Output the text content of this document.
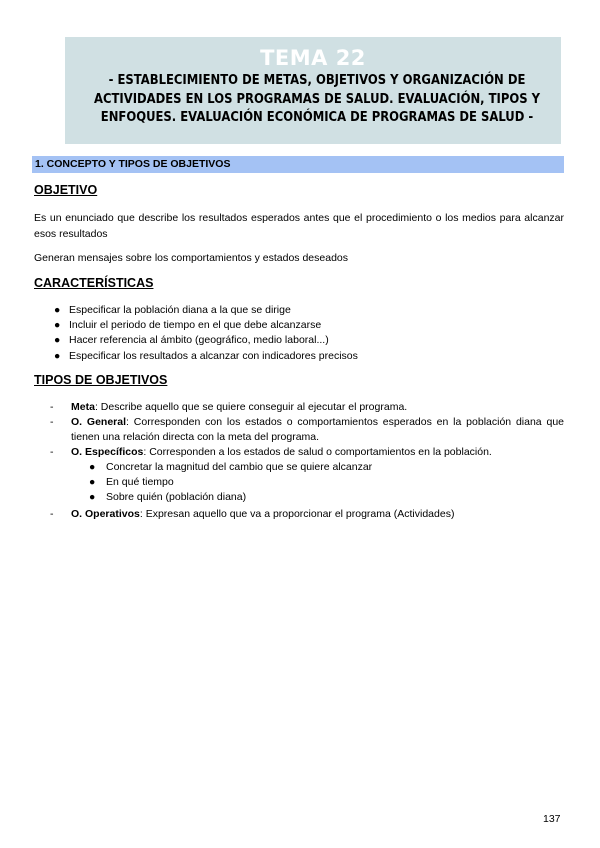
TEMA 22
- ESTABLECIMIENTO DE METAS, OBJETIVOS Y ORGANIZACIÓN DE ACTIVIDADES EN LOS PROGRAMAS DE SALUD. EVALUACIÓN, TIPOS Y ENFOQUES. EVALUACIÓN ECONÓMICA DE PROGRAMAS DE SALUD -
1. CONCEPTO Y TIPOS DE OBJETIVOS
OBJETIVO

Es un enunciado que describe los resultados esperados antes que el procedimiento o los medios para alcanzar esos resultados

Generan mensajes sobre los comportamientos y estados deseados

CARACTERÍSTICAS
● Especificar la población diana a la que se dirige
● Incluir el periodo de tiempo en el que debe alcanzarse
● Hacer referencia al ámbito (geográfico, medio laboral...)
● Especificar los resultados a alcanzar con indicadores precisos
TIPOS DE OBJETIVOS
- Meta: Describe aquello que se quiere conseguir al ejecutar el programa.
- O. General: Corresponden con los estados o comportamientos esperados en la población diana que tienen una relación directa con la meta del programa.
- O. Específicos: Corresponden a los estados de salud o comportamientos en la población.
● Concretar la magnitud del cambio que se quiere alcanzar
● En qué tiempo
● Sobre quién (población diana)
- O. Operativos: Expresan aquello que va a proporcionar el programa (Actividades)
137
